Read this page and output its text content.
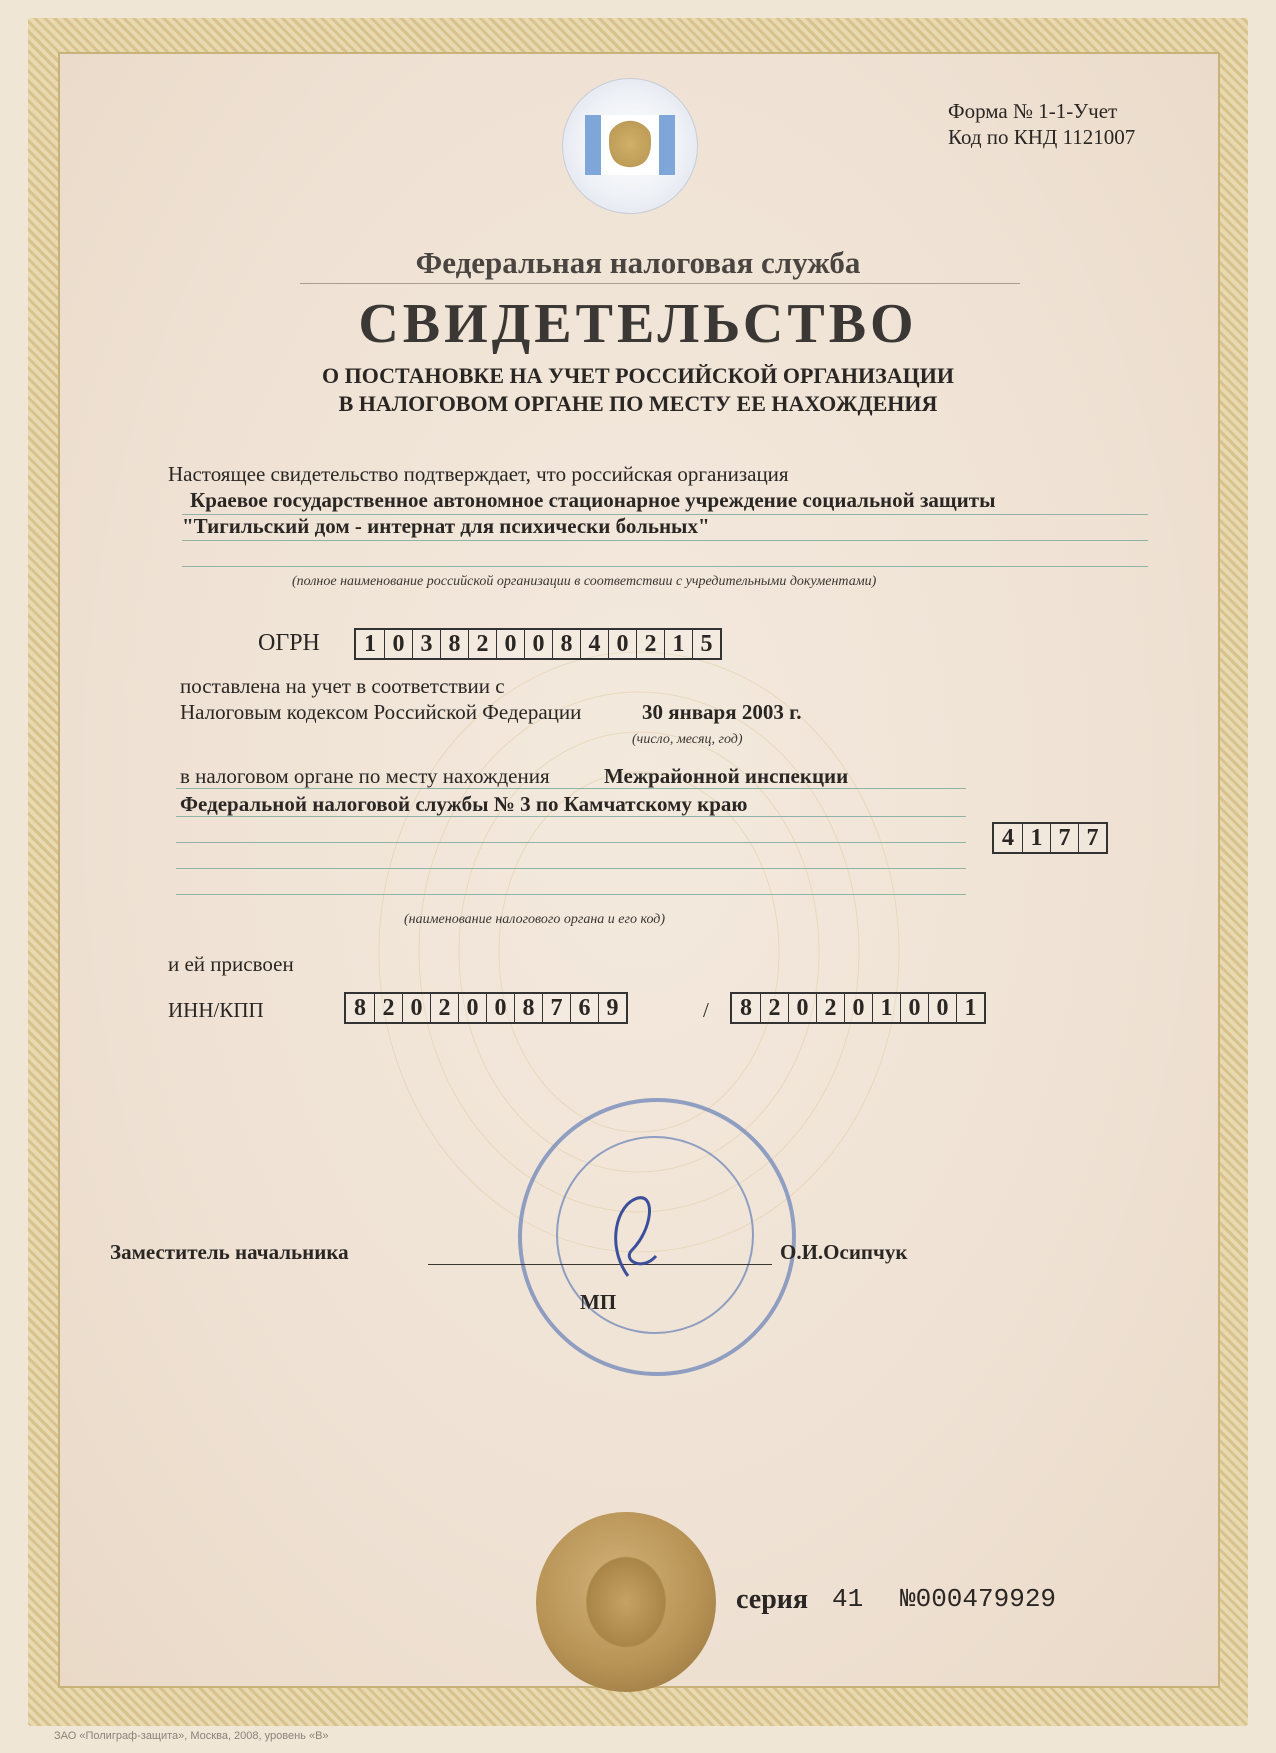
Форма № 1-1-Учет
Код по КНД 1121007
Федеральная налоговая служба
СВИДЕТЕЛЬСТВО
О ПОСТАНОВКЕ НА УЧЕТ РОССИЙСКОЙ ОРГАНИЗАЦИИ
В НАЛОГОВОМ ОРГАНЕ ПО МЕСТУ ЕЕ НАХОЖДЕНИЯ
Настоящее свидетельство подтверждает, что российская организация
Краевое государственное автономное стационарное учреждение социальной защиты
"Тигильский дом - интернат для психически больных"
(полное наименование российской организации в соответствии с учредительными документами)
ОГРН	1 0 3 8 2 0 0 8 4 0 2 1 5
поставлена на учет в соответствии с
Налоговым кодексом Российской Федерации	30 января 2003 г.
(число, месяц, год)
в налоговом органе по месту нахождения	Межрайонной инспекции
Федеральной налоговой службы № 3 по Камчатскому краю
4 1 7 7
(наименование налогового органа и его код)
и ей присвоен
ИНН/КПП	8 2 0 2 0 0 8 7 6 9	/	8 2 0 2 0 1 0 0 1
Заместитель начальника	О.И.Осипчук
МП
серия 41 №000479929
ЗАО «Полиграф-защита», Москва, 2008, уровень «В»
